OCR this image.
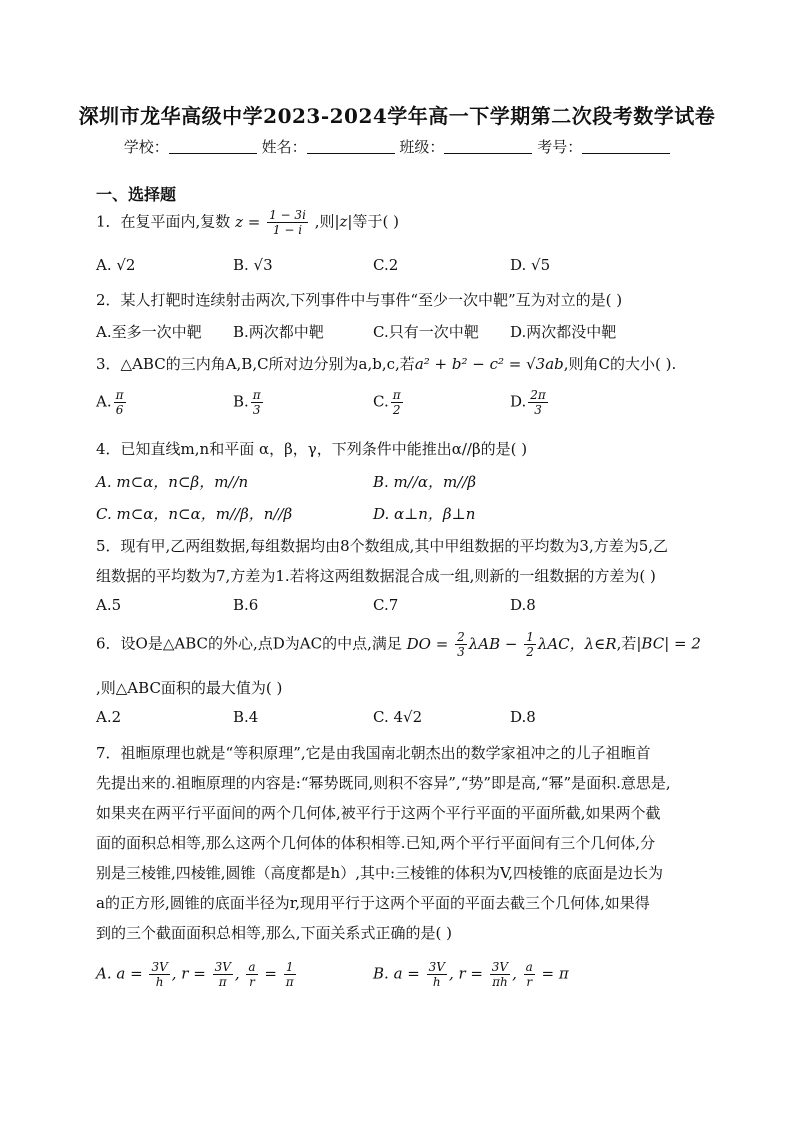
深圳市龙华高级中学2023-2024学年高一下学期第二次段考数学试卷
学校：	姓名：	班级：	考号：
一、选择题
1．在复平面内,复数 $z = \frac{1 - 3i}{1 - i}$ ,则|z|等于( )
A. √2	B. √3	C.2	D. √5
2．某人打靶时连续射击两次,下列事件中与事件“至少一次中靶”互为对立的是( )
A.至多一次中靶 B.两次都中靶	C.只有一次中靶 D.两次都没中靶
3．△ABC的三内角A,B,C所对边分别为a,b,c,若a² + b² − c² = √3ab,则角C的大小( ).
A. $\frac{\pi}{6}$	B. $\frac{\pi}{3}$	C. $\frac{\pi}{2}$	D. $\frac{2\pi}{3}$
4．已知直线m,n和平面 α，β，γ，下列条件中能推出α//β的是( )
A. m⊂α，n⊂β，m//n	B. m//α，m//β
C. m⊂α，n⊂α，m//β，n//β	D. α⊥n，β⊥n
5．现有甲,乙两组数据,每组数据均由8个数组成,其中甲组数据的平均数为3,方差为5,乙
组数据的平均数为7,方差为1.若将这两组数据混合成一组,则新的一组数据的方差为( )
A.5	B.6	C.7	D.8
6．设O是△ABC的外心,点D为AC的中点,满足 DO = $\frac{2}{3}$ $\lambda AB - \frac{1}{2}$ λAC，λ∈R,若|BC| = 2
,则△ABC面积的最大值为( )
A.2	B.4	C. 4√2	D.8
7．祖暅原理也就是“等积原理”,它是由我国南北朝杰出的数学家祖冲之的儿子祖暅首
先提出来的.祖暅原理的内容是:“幂势既同,则积不容异”,“势”即是高,“幂”是面积.意思是,
如果夹在两平行平面间的两个几何体,被平行于这两个平行平面的平面所截,如果两个截
面的面积总相等,那么这两个几何体的体积相等.已知,两个平行平面间有三个几何体,分
别是三棱锥,四棱锥,圆锥（高度都是h）,其中:三棱锥的体积为V,四棱锥的底面是边长为
a的正方形,圆锥的底面半径为r,现用平行于这两个平面的平面去截三个几何体,如果得
到的三个截面面积总相等,那么,下面关系式正确的是( )
A. $a = \frac{3V}{h}$ , $r = \frac{3V}{\pi}$ , $\frac{a}{r} = \frac{1}{\pi}$	B. $a = \frac{3V}{h}$ , $r = \frac{3V}{\pi h}$ , $\frac{a}{r} = \pi$
